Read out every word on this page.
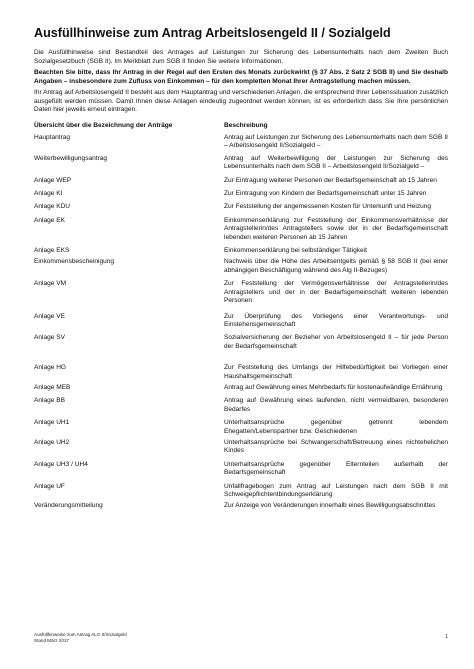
Ausfüllhinweise zum Antrag Arbeitslosengeld II / Sozialgeld
Die Ausfüllhinweise sind Bestandteil des Antrages auf Leistungen zur Sicherung des Lebensunterhalts nach dem Zweiten Buch Sozialgesetzbuch (SGB II). Im Merkblatt zum SGB II finden Sie weitere Informationen.
Beachten Sie bitte, dass Ihr Antrag in der Regel auf den Ersten des Monats zurückwirkt (§ 37 Abs. 2 Satz 2 SGB II) und Sie deshalb Angaben – insbesondere zum Zufluss von Einkommen – für den kompletten Monat Ihrer Antragstellung machen müssen.
Ihr Antrag auf Arbeitslosengeld II besteht aus dem Hauptantrag und verschiedenen Anlagen, die entsprechend Ihrer Lebenssituation zusätzlich ausgefüllt werden müssen. Damit Ihnen diese Anlagen eindeutig zugeordnet werden können, ist es erforderlich dass Sie Ihre persönlichen Daten hier jeweils erneut eintragen.
Übersicht über die Bezeichnung der Anträge	Beschreibung
Hauptantrag	Antrag auf Leistungen zur Sicherung des Lebensunterhalts nach dem SGB II – Arbeitslosengeld II/Sozialgeld –
Weiterbewilligungsantrag	Antrag auf Weiterbewilligung der Leistungen zur Sicherung des Lebensunterhalts nach dem SGB II – Arbeitslosengeld II/Sozialgeld –
Anlage WEP	Zur Eintragung weiterer Personen der Bedarfsgemeinschaft ab 15 Jahren
Anlage KI	Zur Eintragung von Kindern der Bedarfsgemeinschaft unter 15 Jahren
Anlage KDU	Zur Feststellung der angemessenen Kosten für Unterkunft und Heizung
Anlage EK	Einkommenserklärung zur Feststellung der Einkommensverhältnisse der Antragstellerin/des Antragstellers sowie der in der Bedarfsgemeinschaft lebenden weiteren Personen ab 15 Jahren
Anlage EKS	Einkommenserklärung bei selbständiger Tätigkeit
Einkommensbescheinigung	Nachweis über die Höhe des Arbeitsentgelts gemäß § 58 SGB II (bei einer abhängigen Beschäftigung während des Alg II-Bezuges)
Anlage VM	Zur Feststellung der Vermögensverhältnisse der Antragstellerin/des Antragstellers und der in der Bedarfsgemeinschaft weiteren lebenden Personen
Anlage VE	Zur Überprüfung des Vorliegens einer Verantwortungs- und Einstehensgemeinschaft
Anlage SV	Sozialversicherung der Bezieher von Arbeitslosengeld II – für jede Person der Bedarfsgemeinschaft
Anlage HG	Zur Feststellung des Umfangs der Hilfebedürftigkeit bei Vorliegen einer Haushaltsgemeinschaft
Anlage MEB	Antrag auf Gewährung eines Mehrbedarfs für kostenaufwändige Ernährung
Anlage BB	Antrag auf Gewährung eines laufenden, nicht vermeidbaren, besonderen Bedarfes
Anlage UH1	Unterhaltsansprüche gegenüber getrennt lebendem Ehegatten/Lebenspartner bzw. Geschiedenen
Anlage UH2	Unterhaltsansprüche bei Schwangerschaft/Betreuung eines nichtehelichen Kindes
Anlage UH3 / UH4	Unterhaltsansprüche gegenüber Elternteilen außerhalb der Bedarfsgemeinschaft
Anlage UF	Unfallfragebogen zum Antrag auf Leistungen nach dem SGB II mit Schweigepflichtentbindungserklärung
Veränderungsmitteilung	Zur Anzeige von Veränderungen innerhalb eines Bewilligungsabschnittes
Ausfüllhinweise zum Antrag ALG II/Sozialgeld
Stand März 2017
1
